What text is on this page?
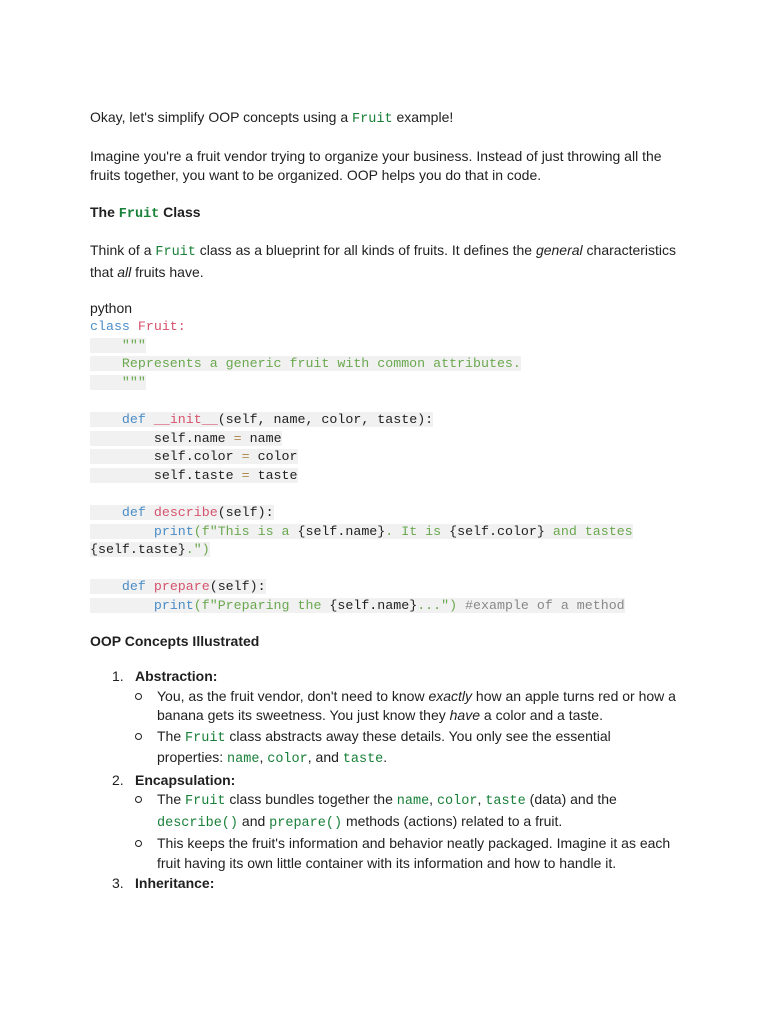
Okay, let's simplify OOP concepts using a Fruit example!

Imagine you're a fruit vendor trying to organize your business. Instead of just throwing all the fruits together, you want to be organized. OOP helps you do that in code.

The Fruit Class

Think of a Fruit class as a blueprint for all kinds of fruits. It defines the general characteristics that all fruits have.

python

class Fruit:
"""
Represents a generic fruit with common attributes.
"""

def __init__(self, name, color, taste):
self.name = name
self.color = color
self.taste = taste

def describe(self):
print(f"This is a {self.name}. It is {self.color} and tastes
{self.taste}.")

def prepare(self):
print(f"Preparing the {self.name}...") #example of a method

OOP Concepts Illustrated

1. Abstraction:
You, as the fruit vendor, don't need to know exactly how an apple turns red or how a banana gets its sweetness. You just know they have a color and a taste.
The Fruit class abstracts away these details. You only see the essential properties: name, color, and taste.
2. Encapsulation:
The Fruit class bundles together the name, color, taste (data) and the describe() and prepare() methods (actions) related to a fruit.
This keeps the fruit's information and behavior neatly packaged. Imagine it as each fruit having its own little container with its information and how to handle it.
3. Inheritance:
